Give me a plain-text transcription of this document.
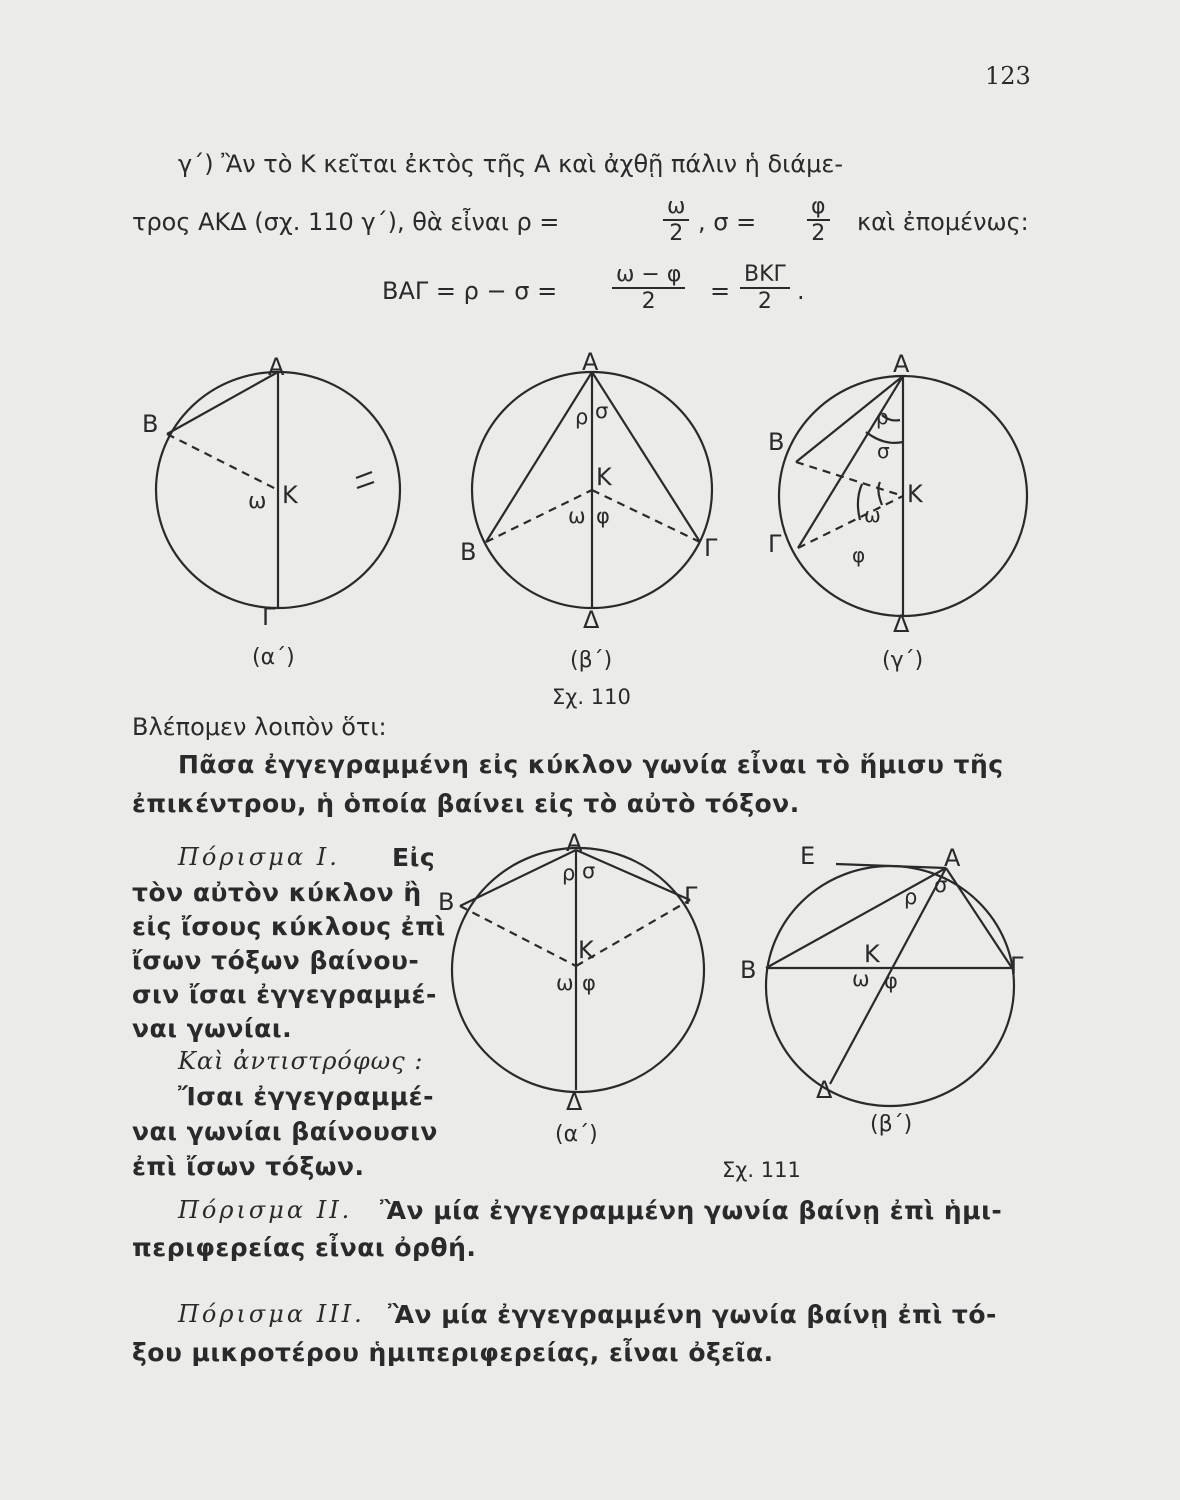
123
γ΄) Ἂν τὸ Κ κεῖται ἐκτὸς τῆς Α καὶ ἀχθῇ πάλιν ἡ διάμε-
τρος ΑΚΔ (σχ. 110 γ΄), θὰ εἶναι ρ =	$\frac{\omega}{2}$ , $\sigma = \frac{\varphi}{2}$ καὶ ἐπομένως:
$BA\Gamma = \rho - \sigma = \frac{\omega - \varphi}{2}$ =
ΒΚΓ
2	.
Α
Β
Κ
Γ
ω
Α
Β	Γ
Δ
Κ
ρ σ
ω φ
Α
Β
Γ
Δ
Κ
ρ
σ
ω
φ
Α
Β	Γ
Δ
Κ
ρ σ
ω φ
Ε	Α
Β	Γ
Δ
Κ
ρ σ
ω φ
(α΄)	(β΄)	(γ΄)
Σχ. 110
Βλέπομεν λοιπὸν ὅτι:
Πᾶσα ἐγγεγραμμένη εἰς κύκλον γωνία εἶναι τὸ ἥμισυ τῆς
ἐπικέντρου, ἡ ὁποία βαίνει εἰς τὸ αὐτὸ τόξον.
Πόρισμα Ι. Εἰς
τὸν αὐτὸν κύκλον ἢ
εἰς ἴσους κύκλους ἐπὶ
ἴσων τόξων βαίνου-
σιν ἴσαι ἐγγεγραμμέ-
ναι γωνίαι.
Καὶ ἀντιστρόφως :
Ἴσαι ἐγγεγραμμέ-
ναι γωνίαι βαίνουσιν
ἐπὶ ἴσων τόξων.
(α΄)	(β΄)
Σχ. 111
Πόρισμα ΙΙ. Ἂν μία ἐγγεγραμμένη γωνία βαίνῃ ἐπὶ ἡμι-
περιφερείας εἶναι ὀρθή.
Πόρισμα ΙΙΙ. Ἂν μία ἐγγεγραμμένη γωνία βαίνῃ ἐπὶ τό-
ξου μικροτέρου ἡμιπεριφερείας, εἶναι ὀξεῖα.
